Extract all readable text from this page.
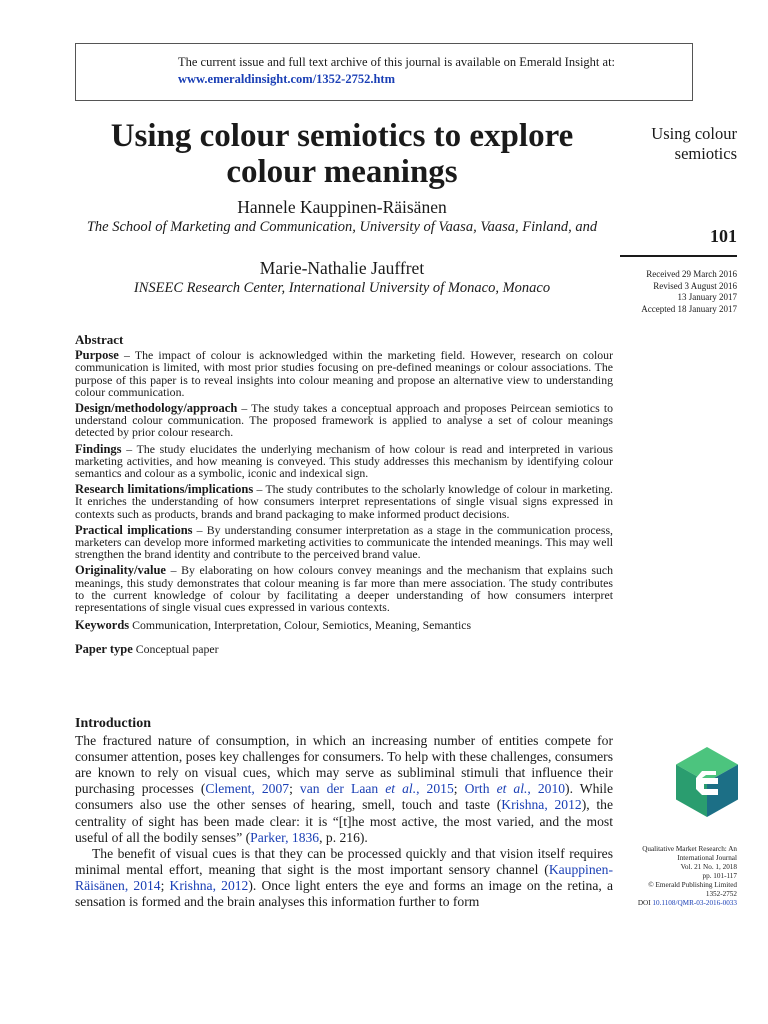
The current issue and full text archive of this journal is available on Emerald Insight at:
www.emeraldinsight.com/1352-2752.htm
Using colour semiotics to explore colour meanings

Hannele Kauppinen-Räisänen

The School of Marketing and Communication, University of Vaasa, Vaasa, Finland, and

Marie-Nathalie Jauffret

INSEEC Research Center, International University of Monaco, Monaco

Using colour semiotics
101
Received 29 March 2016
Revised 3 August 2016
13 January 2017
Accepted 18 January 2017
Abstract

Purpose – The impact of colour is acknowledged within the marketing field. However, research on colour communication is limited, with most prior studies focusing on pre-defined meanings or colour associations. The purpose of this paper is to reveal insights into colour meaning and propose an alternative view to understanding colour communication.

Design/methodology/approach – The study takes a conceptual approach and proposes Peircean semiotics to understand colour communication. The proposed framework is applied to analyse a set of colour meanings detected by prior colour research.

Findings – The study elucidates the underlying mechanism of how colour is read and interpreted in various marketing activities, and how meaning is conveyed. This study addresses this mechanism by identifying colour semantics and colour as a symbolic, iconic and indexical sign.

Research limitations/implications – The study contributes to the scholarly knowledge of colour in marketing. It enriches the understanding of how consumers interpret representations of single visual signs expressed in contexts such as products, brands and brand packaging to make informed product decisions.

Practical implications – By understanding consumer interpretation as a stage in the communication process, marketers can develop more informed marketing activities to communicate the intended meanings. This may well strengthen the brand identity and contribute to the perceived brand value.

Originality/value – By elaborating on how colours convey meanings and the mechanism that explains such meanings, this study demonstrates that colour meaning is far more than mere association. The study contributes to the current knowledge of colour by facilitating a deeper understanding of how consumers interpret representations of single visual cues expressed in various contexts.

Keywords Communication, Interpretation, Colour, Semiotics, Meaning, Semantics

Paper type Conceptual paper

Introduction

The fractured nature of consumption, in which an increasing number of entities compete for consumer attention, poses key challenges for consumers. To help with these challenges, consumers are known to rely on visual cues, which may serve as subliminal stimuli that influence their purchasing processes (Clement, 2007; van der Laan et al., 2015; Orth et al., 2010). While consumers also use the other senses of hearing, smell, touch and taste (Krishna, 2012), the centrality of sight has been made clear: it is “[t]he most active, the most varied, and the most useful of all the bodily senses” (Parker, 1836, p. 216).

The benefit of visual cues is that they can be processed quickly and that vision itself requires minimal mental effort, meaning that sight is the most important sensory channel (Kauppinen-Räisänen, 2014; Krishna, 2012). Once light enters the eye and forms an image on the retina, a sensation is formed and the brain analyses this information further to form

Qualitative Market Research: An International Journal
Vol. 21 No. 1, 2018
pp. 101-117
© Emerald Publishing Limited
1352-2752
DOI 10.1108/QMR-03-2016-0033
